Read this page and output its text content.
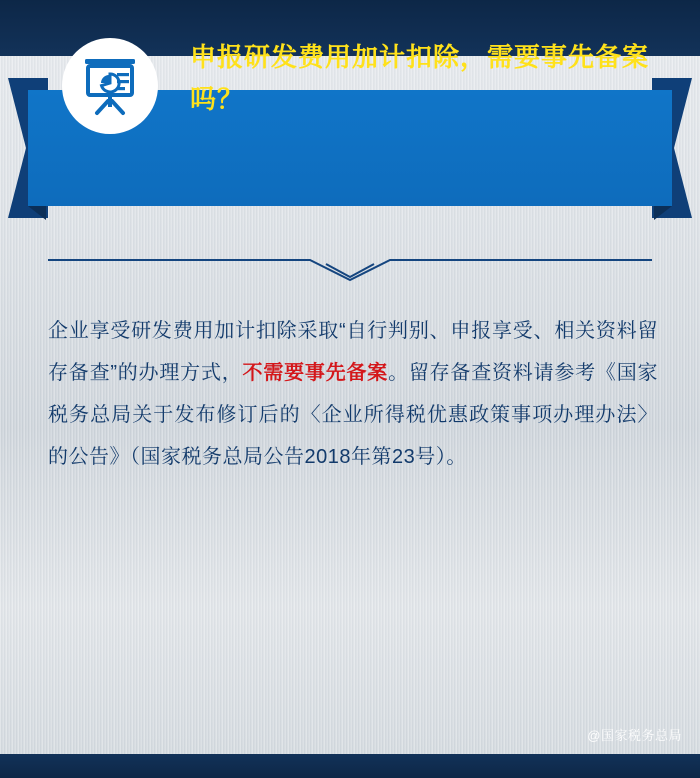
申报研发费用加计扣除，需要事先备案吗？
企业享受研发费用加计扣除采取“自行判别、申报享受、相关资料留存备查”的办理方式，不需要事先备案。留存备查资料请参考《国家税务总局关于发布修订后的〈企业所得税优惠政策事项办理办法〉的公告》（国家税务总局公告2018年第23号）。
@国家税务总局
